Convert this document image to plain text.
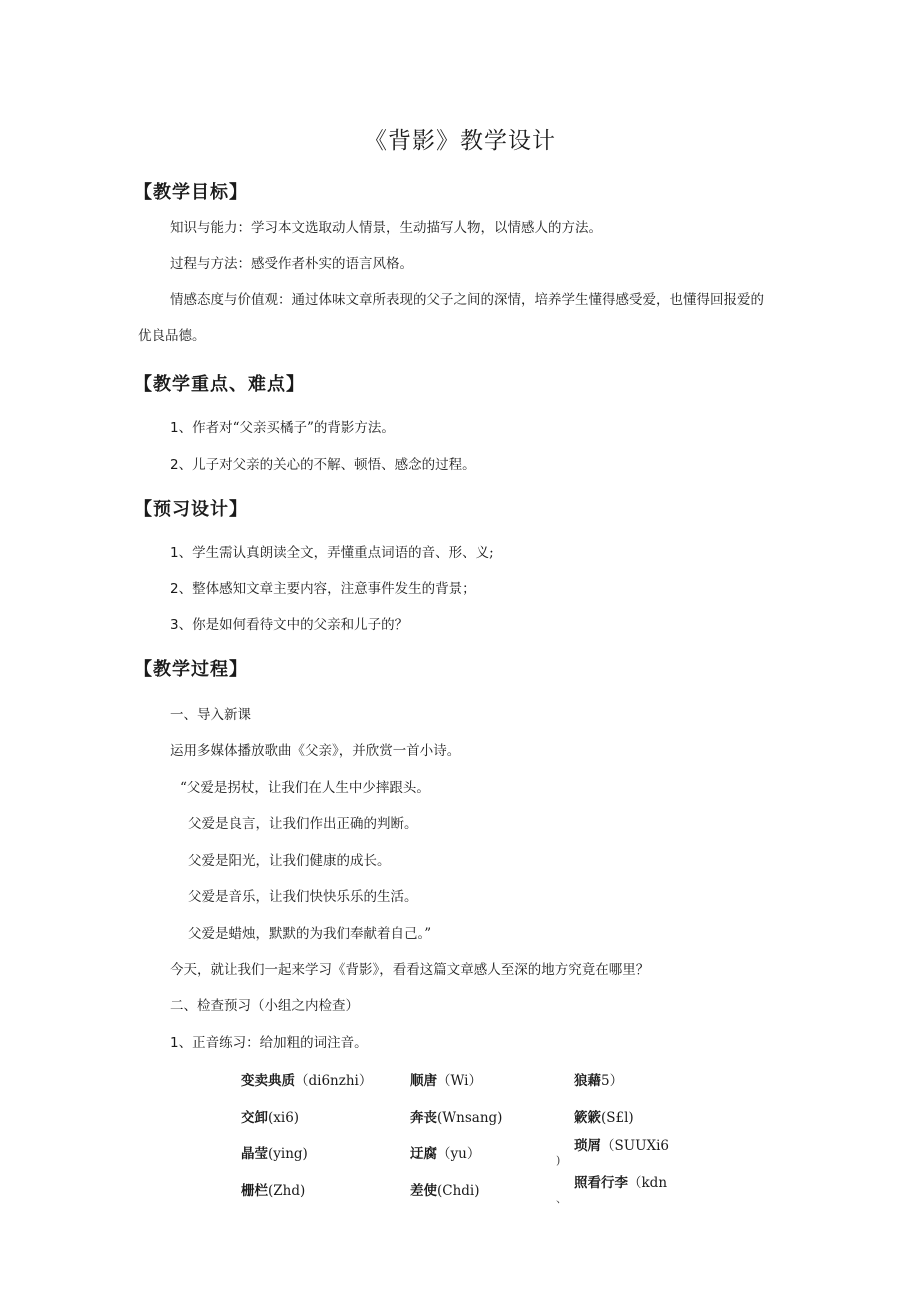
《背影》教学设计
【教学目标】
知识与能力：学习本文选取动人情景，生动描写人物，以情感人的方法。
过程与方法：感受作者朴实的语言风格。
情感态度与价值观：通过体味文章所表现的父子之间的深情，培养学生懂得感受爱，也懂得回报爱的
优良品德。
【教学重点、难点】
1、作者对“父亲买橘子”的背影方法。
2、儿子对父亲的关心的不解、顿悟、感念的过程。
【预习设计】
1、学生需认真朗读全文，弄懂重点词语的音、形、义;
2、整体感知文章主要内容，注意事件发生的背景；
3、你是如何看待文中的父亲和儿子的？
【教学过程】
一、导入新课
运用多媒体播放歌曲《父亲》，并欣赏一首小诗。
“父爱是拐杖，让我们在人生中少摔跟头。
父爱是良言，让我们作出正确的判断。
父爱是阳光，让我们健康的成长。
父爱是音乐，让我们快快乐乐的生活。
父爱是蜡烛，默默的为我们奉献着自己。”
今天，就让我们一起来学习《背影》，看看这篇文章感人至深的地方究竟在哪里？
二、检查预习（小组之内检查）
1、正音练习：给加粗的词注音。
变卖典质（di6nzhi）	顺唐（Wi）	狼藉5）
交卸(xi6)	奔丧(Wnsang)	簌簌(S£l)
晶莹(ying)	迂腐（yu）	琐屑（SUUXi6
)
栅栏(Zhd)	差使(Chdi)	照看行李（kdn
、
